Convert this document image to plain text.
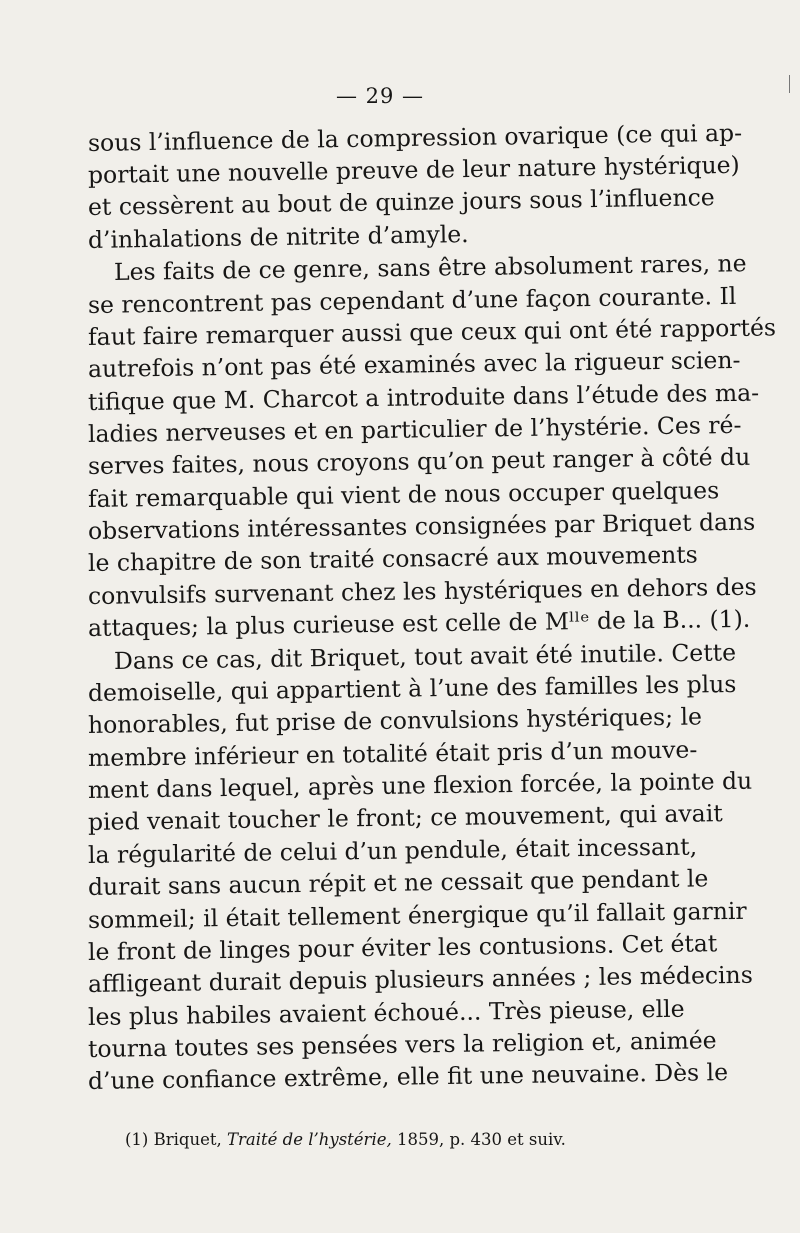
— 29 —
sous l’influence de la compression ovarique (ce qui ap-
portait une nouvelle preuve de leur nature hystérique)
et cessèrent au bout de quinze jours sous l’influence
d’inhalations de nitrite d’amyle.
Les faits de ce genre, sans être absolument rares, ne
se rencontrent pas cependant d’une façon courante. Il
faut faire remarquer aussi que ceux qui ont été rapportés
autrefois n’ont pas été examinés avec la rigueur scien-
tifique que M. Charcot a introduite dans l’étude des ma-
ladies nerveuses et en particulier de l’hystérie. Ces ré-
serves faites, nous croyons qu’on peut ranger à côté du
fait remarquable qui vient de nous occuper quelques
observations intéressantes consignées par Briquet dans
le chapitre de son traité consacré aux mouvements
convulsifs survenant chez les hystériques en dehors des
attaques; la plus curieuse est celle de Mˡˡᵉ de la B... (1).
Dans ce cas, dit Briquet, tout avait été inutile. Cette
demoiselle, qui appartient à l’une des familles les plus
honorables, fut prise de convulsions hystériques; le
membre inférieur en totalité était pris d’un mouve-
ment dans lequel, après une flexion forcée, la pointe du
pied venait toucher le front; ce mouvement, qui avait
la régularité de celui d’un pendule, était incessant,
durait sans aucun répit et ne cessait que pendant le
sommeil; il était tellement énergique qu’il fallait garnir
le front de linges pour éviter les contusions. Cet état
affligeant durait depuis plusieurs années ; les médecins
les plus habiles avaient échoué... Très pieuse, elle
tourna toutes ses pensées vers la religion et, animée
d’une confiance extrême, elle fit une neuvaine. Dès le
(1) Briquet, Traité de l’hystérie, 1859, p. 430 et suiv.
